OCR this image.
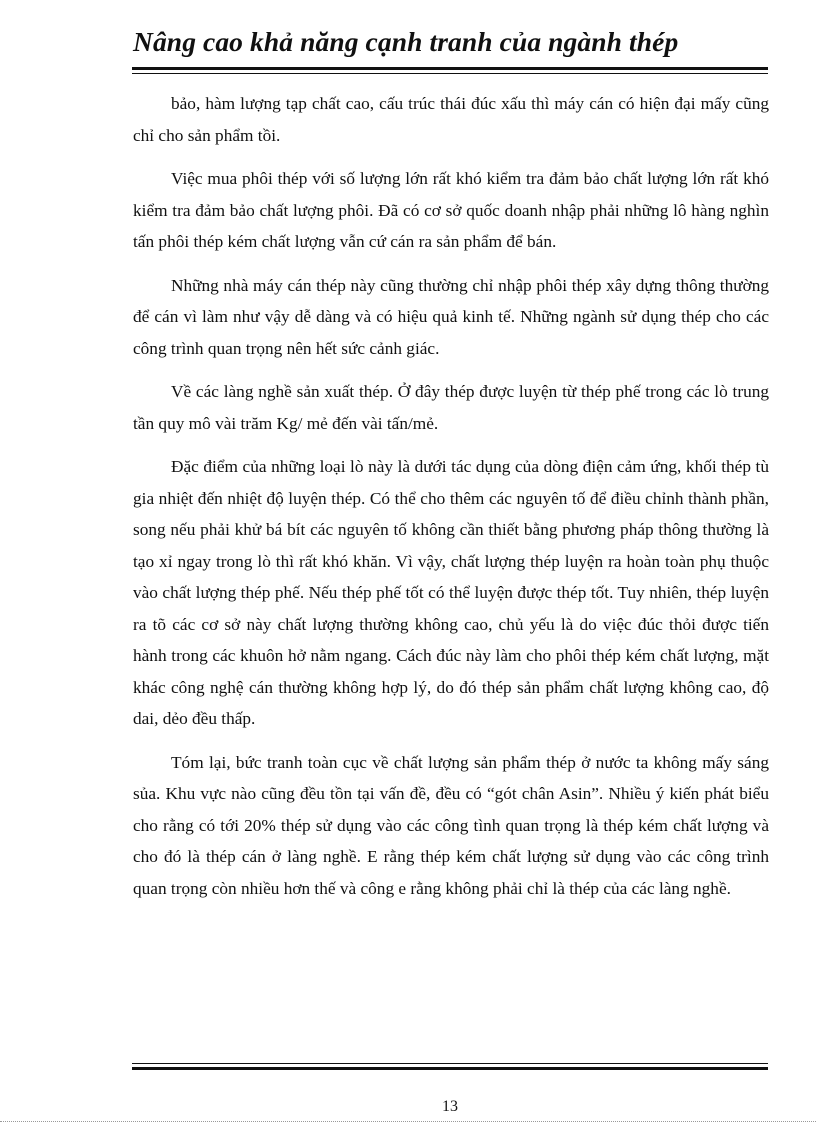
Nâng cao khả năng cạnh tranh của ngành thép

bảo, hàm lượng tạp chất cao, cấu trúc thái đúc xấu thì máy cán có hiện đại mấy cũng chỉ cho sản phẩm tồi.

Việc mua phôi thép với số lượng lớn rất khó kiểm tra đảm bảo chất lượng lớn rất khó kiểm tra đảm bảo chất lượng phôi. Đã có cơ sở quốc doanh nhập phải những lô hàng nghìn tấn phôi thép kém chất lượng vẫn cứ cán ra sản phẩm để bán.

Những nhà máy cán thép này cũng thường chỉ nhập phôi thép xây dựng thông thường để cán vì làm như vậy dễ dàng và có hiệu quả kinh tế. Những ngành sử dụng thép cho các công trình quan trọng nên hết sức cảnh giác.

Về các làng nghề sản xuất thép. Ở đây thép được luyện từ thép phế trong các lò trung tần quy mô vài trăm Kg/ mẻ đến vài tấn/mẻ.

Đặc điểm của những loại lò này là dưới tác dụng của dòng điện cảm ứng, khối thép tù gia nhiệt đến nhiệt độ luyện thép. Có thể cho thêm các nguyên tố để điều chỉnh thành phần, song nếu phải khử bá bít các nguyên tố không cần thiết bằng phương pháp thông thường là tạo xỉ ngay trong lò thì rất khó khăn. Vì vậy, chất lượng thép luyện ra hoàn toàn phụ thuộc vào chất lượng thép phế. Nếu thép phế tốt có thể luyện được thép tốt. Tuy nhiên, thép luyện ra tõ các cơ sở này chất lượng thường không cao, chủ yếu là do việc đúc thỏi được tiến hành trong các khuôn hở nằm ngang. Cách đúc này làm cho phôi thép kém chất lượng, mặt khác công nghệ cán thường không hợp lý, do đó thép sản phẩm chất lượng không cao, độ dai, dẻo đều thấp.

Tóm lại, bức tranh toàn cục về chất lượng sản phẩm thép ở nước ta không mấy sáng sủa. Khu vực nào cũng đều tồn tại vấn đề, đều có “gót chân Asin”. Nhiều ý kiến phát biểu cho rằng có tới 20% thép sử dụng vào các công tình quan trọng là thép kém chất lượng và cho đó là thép cán ở làng nghề. E rằng thép kém chất lượng sử dụng vào các công trình quan trọng còn nhiều hơn thế và công e rằng không phải chỉ là thép của các làng nghề.

13
